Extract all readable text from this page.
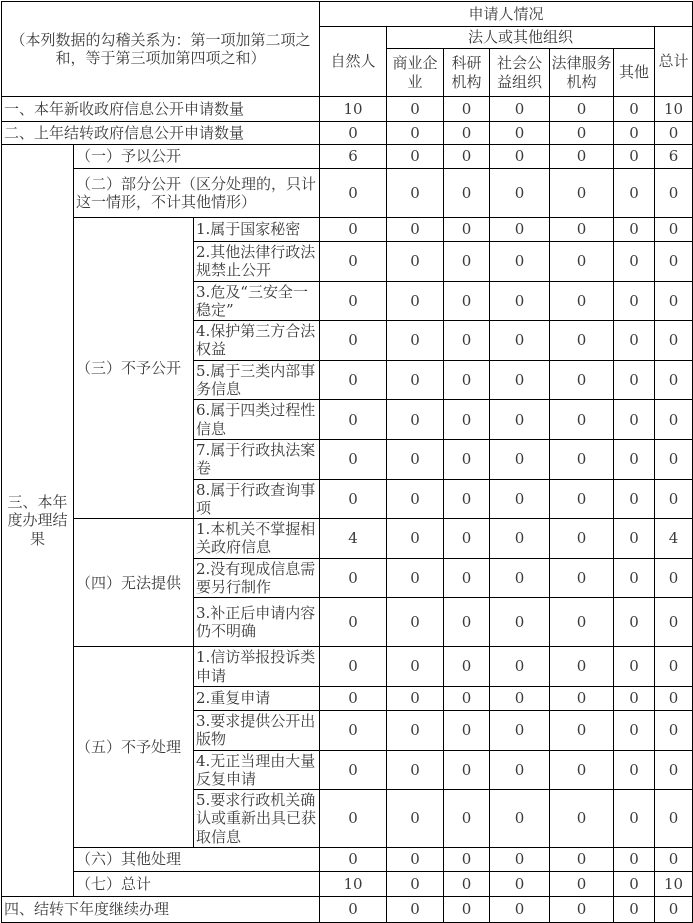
（本列数据的勾稽关系为：第一项加第二项之和，等于第三项加第四项之和）			申请人情况						
			自然人	法人或其他组织					总计
				商业企业	科研机构	社会公益组织	法律服务机构	其他	
一、本年新收政府信息公开申请数量			10	0	0	0	0	0	10
二、上年结转政府信息公开申请数量			0	0	0	0	0	0	0
三、本年度办理结果	（一）予以公开		6	0	0	0	0	0	6
	（二）部分公开（区分处理的，只计这一情形，不计其他情形）		0	0	0	0	0	0	0
	（三）不予公开	1.属于国家秘密	0	0	0	0	0	0	0
		2.其他法律行政法规禁止公开	0	0	0	0	0	0	0
		3.危及“三安全一稳定”	0	0	0	0	0	0	0
		4.保护第三方合法权益	0	0	0	0	0	0	0
		5.属于三类内部事务信息	0	0	0	0	0	0	0
		6.属于四类过程性信息	0	0	0	0	0	0	0
		7.属于行政执法案卷	0	0	0	0	0	0	0
		8.属于行政查询事项	0	0	0	0	0	0	0
	（四）无法提供	1.本机关不掌握相关政府信息	4	0	0	0	0	0	4
		2.没有现成信息需要另行制作	0	0	0	0	0	0	0
		3.补正后申请内容仍不明确	0	0	0	0	0	0	0
	（五）不予处理	1.信访举报投诉类申请	0	0	0	0	0	0	0
		2.重复申请	0	0	0	0	0	0	0
		3.要求提供公开出版物	0	0	0	0	0	0	0
		4.无正当理由大量反复申请	0	0	0	0	0	0	0
		5.要求行政机关确认或重新出具已获取信息	0	0	0	0	0	0	0
	（六）其他处理		0	0	0	0	0	0	0
	（七）总计		10	0	0	0	0	0	10
四、结转下年度继续办理			0	0	0	0	0	0	0
